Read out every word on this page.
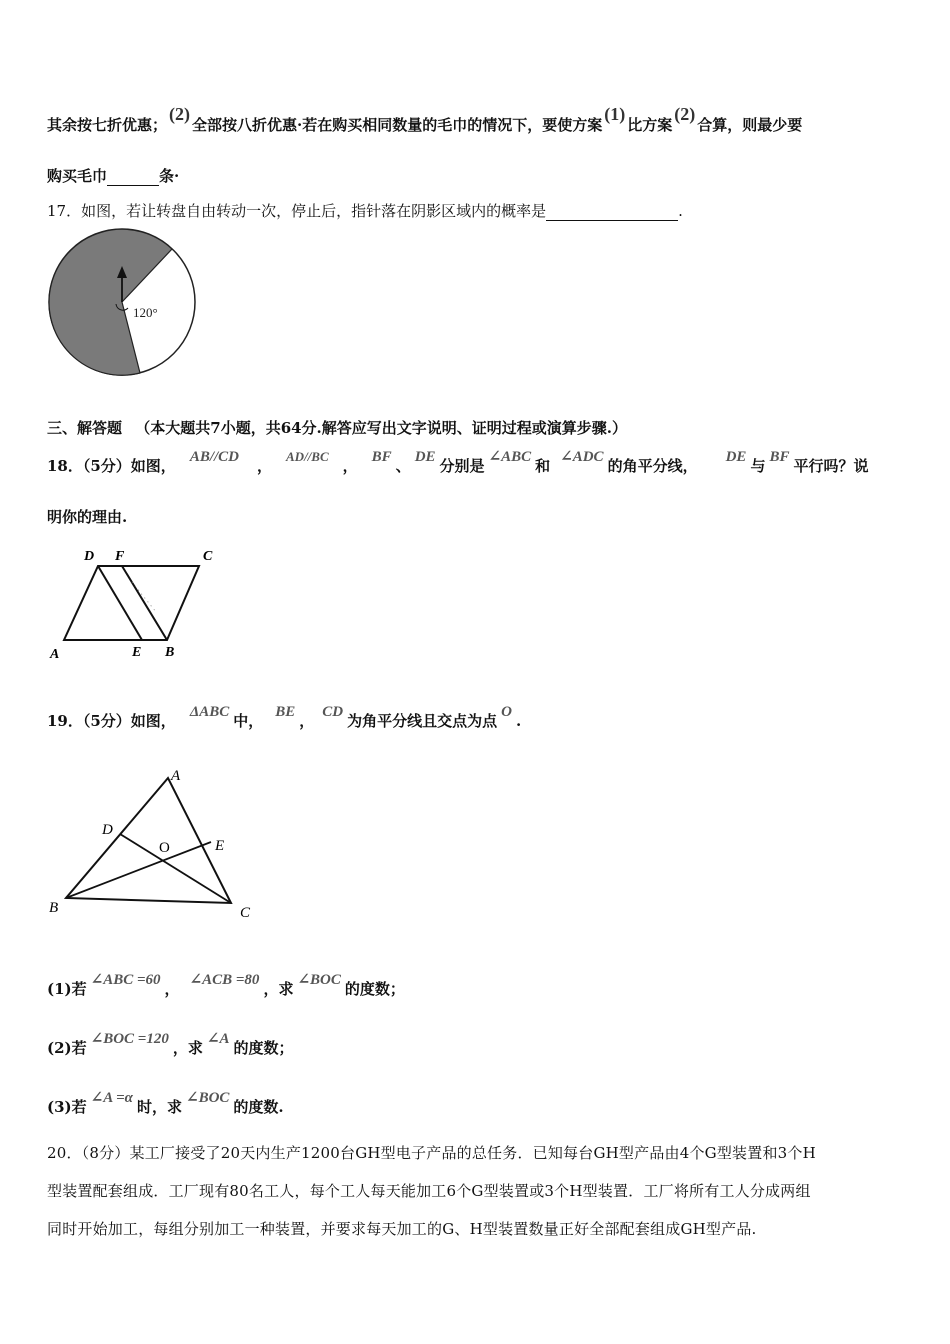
其余按七折优惠；(2)全部按八折优惠·若在购买相同数量的毛巾的情况下，要使方案(1)比方案(2)合算，则最少要
购买毛巾	条·
17．如图，若让转盘自由转动一次，停止后，指针落在阴影区域内的概率是	.
120°
三、解答题 （本大题共7小题，共64分.解答应写出文字说明、证明过程或演算步骤.）
18．（5分）如图， AB//CD ，AD//BC， BF 、 DE 分别是 ∠ABC 和 ∠ADC 的角平分线， DE 与 BF 平行吗？说
明你的理由.
D F	C
A	E B
19．（5分）如图， ΔABC 中， BE ， CD 为角平分线且交点为点 O .
A
D
O	E
B	C
(1)若 ∠ABC =60 ， ∠ACB =80 ，求 ∠BOC 的度数；
(2)若 ∠BOC =120 ，求 ∠A 的度数；
(3)若 ∠A =α 时，求 ∠BOC 的度数.
20．（8分）某工厂接受了20天内生产1200台GH型电子产品的总任务．已知每台GH型产品由4个G型装置和3个H
型装置配套组成．工厂现有80名工人，每个工人每天能加工6个G型装置或3个H型装置．工厂将所有工人分成两组
同时开始加工，每组分别加工一种装置，并要求每天加工的G、H型装置数量正好全部配套组成GH型产品.
